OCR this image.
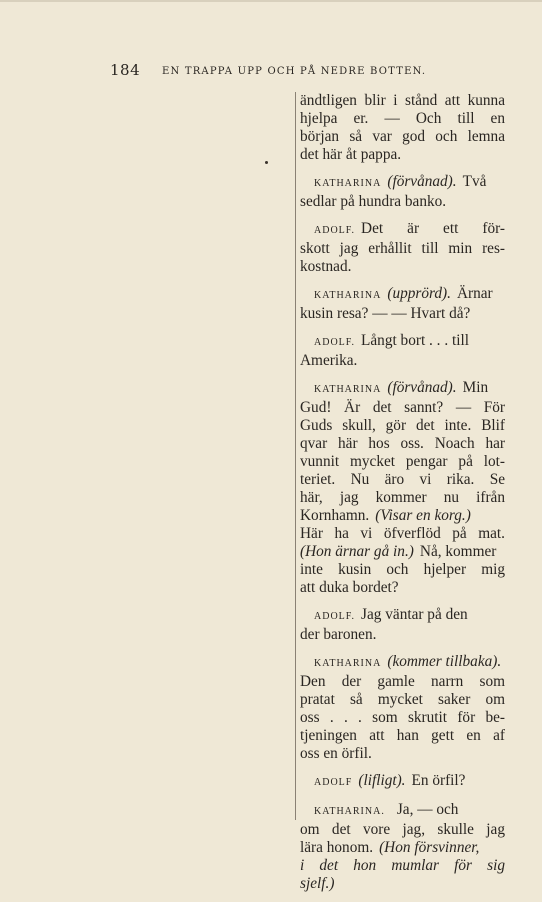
184 EN TRAPPA UPP OCH PÅ NEDRE BOTTEN.
ändtligen blir i stånd att kunna
hjelpa er. — Och till en
början så var god och lemna
det här åt pappa.
KATHARINA (förvånad). Två
sedlar på hundra banko.
ADOLF. Det är ett för-
skott jag erhållit till min res-
kostnad.
KATHARINA (upprörd). Ärnar
kusin resa? — — Hvart då?
ADOLF. Långt bort . . . till
Amerika.
KATHARINA (förvånad). Min
Gud! Är det sannt? — För
Guds skull, gör det inte. Blif
qvar här hos oss. Noach har
vunnit mycket pengar på lot-
teriet. Nu äro vi rika. Se
här, jag kommer nu ifrån
Kornhamn. (Visar en korg.)
Här ha vi öfverflöd på mat.
(Hon ärnar gå in.) Nå, kommer
inte kusin och hjelper mig
att duka bordet?
ADOLF. Jag väntar på den
der baronen.
KATHARINA (kommer tillbaka).
Den der gamle narrn som
pratat så mycket saker om
oss . . . som skrutit för be-
tjeningen att han gett en af
oss en örfil.
ADOLF (lifligt). En örfil?
KATHARINA. Ja, — och
om det vore jag, skulle jag
lära honom. (Hon försvinner,
i det hon mumlar för sig
sjelf.)
